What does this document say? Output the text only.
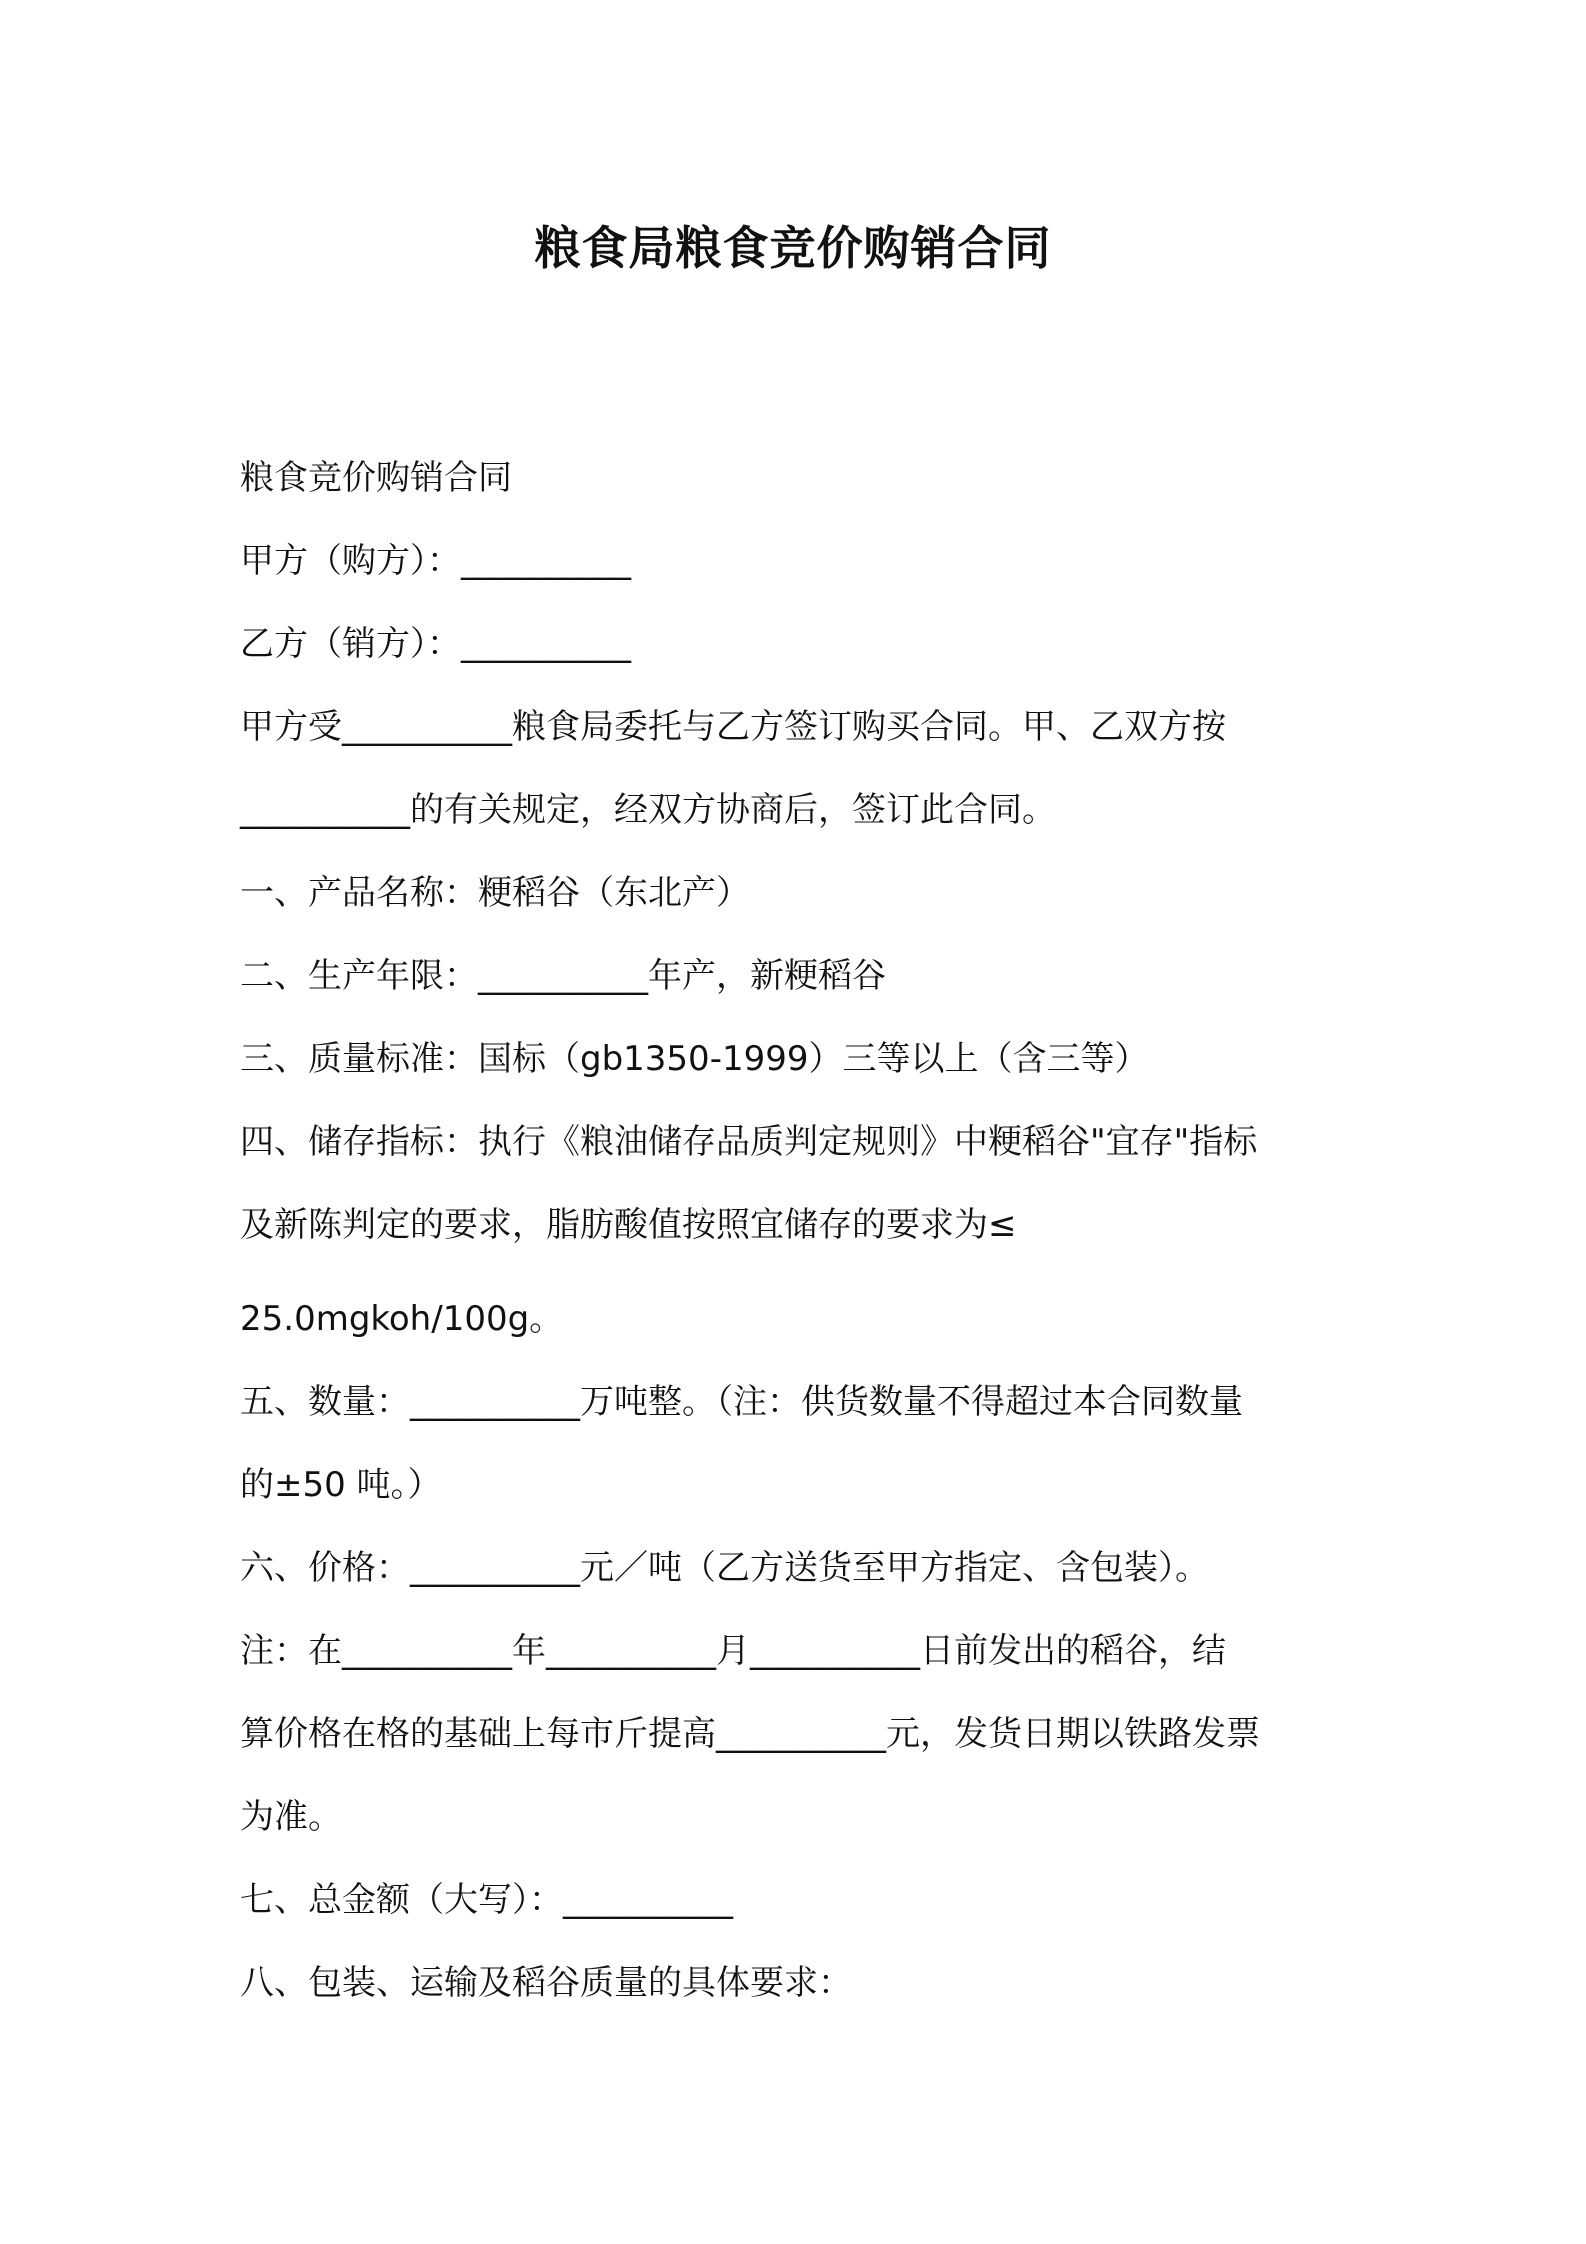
粮食局粮食竞价购销合同
粮食竞价购销合同
甲方（购方）：__________
乙方（销方）：__________
甲方受__________粮食局委托与乙方签订购买合同。甲、乙双方按
__________的有关规定，经双方协商后，签订此合同。
一、产品名称：粳稻谷（东北产）
二、生产年限：__________年产，新粳稻谷
三、质量标准：国标（gb1350-1999）三等以上（含三等）
四、储存指标：执行《粮油储存品质判定规则》中粳稻谷"宜存"指标
及新陈判定的要求，脂肪酸值按照宜储存的要求为≤
25.0mgkoh/100g。
五、数量：__________万吨整。（注：供货数量不得超过本合同数量
的±50 吨。）
六、价格：__________元／吨（乙方送货至甲方指定、含包装）。
注：在__________年__________月__________日前发出的稻谷，结
算价格在格的基础上每市斤提高__________元，发货日期以铁路发票
为准。
七、总金额（大写）：__________
八、包装、运输及稻谷质量的具体要求：
